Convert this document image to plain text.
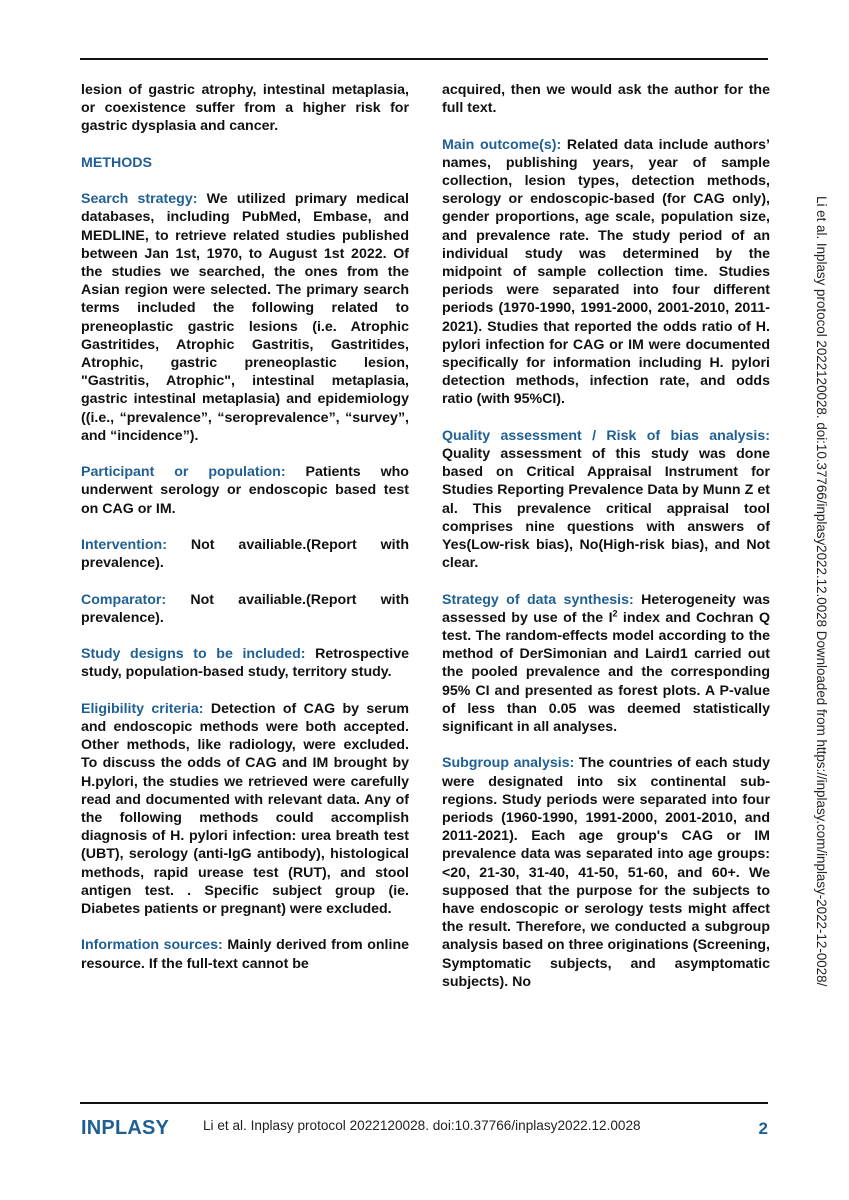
lesion of gastric atrophy, intestinal metaplasia, or coexistence suffer from a higher risk for gastric dysplasia and cancer.

METHODS

Search strategy: We utilized primary medical databases, including PubMed, Embase, and MEDLINE, to retrieve related studies published between Jan 1st, 1970, to August 1st 2022. Of the studies we searched, the ones from the Asian region were selected. The primary search terms included the following related to preneoplastic gastric lesions (i.e. Atrophic Gastritides, Atrophic Gastritis, Gastritides, Atrophic, gastric preneoplastic lesion, "Gastritis, Atrophic", intestinal metaplasia, gastric intestinal metaplasia) and epidemiology ((i.e., “prevalence”, “seroprevalence”, “survey”, and “incidence”).

Participant or population: Patients who underwent serology or endoscopic based test on CAG or IM.

Intervention: Not availiable.(Report with prevalence).

Comparator: Not availiable.(Report with prevalence).

Study designs to be included: Retrospective study, population-based study, territory study.

Eligibility criteria: Detection of CAG by serum and endoscopic methods were both accepted. Other methods, like radiology, were excluded. To discuss the odds of CAG and IM brought by H.pylori, the studies we retrieved were carefully read and documented with relevant data. Any of the following methods could accomplish diagnosis of H. pylori infection: urea breath test (UBT), serology (anti-IgG antibody), histological methods, rapid urease test (RUT), and stool antigen test. . Specific subject group (ie. Diabetes patients or pregnant) were excluded.

Information sources: Mainly derived from online resource. If the full-text cannot be

acquired, then we would ask the author for the full text.

Main outcome(s): Related data include authors’ names, publishing years, year of sample collection, lesion types, detection methods, serology or endoscopic-based (for CAG only), gender proportions, age scale, population size, and prevalence rate. The study period of an individual study was determined by the midpoint of sample collection time. Studies periods were separated into four different periods (1970-1990, 1991-2000, 2001-2010, 2011-2021). Studies that reported the odds ratio of H. pylori infection for CAG or IM were documented specifically for information including H. pylori detection methods, infection rate, and odds ratio (with 95%CI).

Quality assessment / Risk of bias analysis: Quality assessment of this study was done based on Critical Appraisal Instrument for Studies Reporting Prevalence Data by Munn Z et al. This prevalence critical appraisal tool comprises nine questions with answers of Yes(Low-risk bias), No(High-risk bias), and Not clear.

Strategy of data synthesis: Heterogeneity was assessed by use of the $I^2$ index and Cochran Q test. The random-effects model according to the method of DerSimonian and Laird1 carried out the pooled prevalence and the corresponding 95% CI and presented as forest plots. A P-value of less than 0.05 was deemed statistically significant in all analyses.

Subgroup analysis: The countries of each study were designated into six continental sub-regions. Study periods were separated into four periods (1960-1990, 1991-2000, 2001-2010, and 2011-2021). Each age group's CAG or IM prevalence data was separated into age groups: <20, 21-30, 31-40, 41-50, 51-60, and 60+. We supposed that the purpose for the subjects to have endoscopic or serology tests might affect the result. Therefore, we conducted a subgroup analysis based on three originations (Screening, Symptomatic subjects, and asymptomatic subjects). No	Li et al. Inplasy protocol 2022120028. doi:10.37766/inplasy2022.12.0028 Downloaded from https://inplasy.com/inplasy-2022-12-0028/
INPLASY Li et al. Inplasy protocol 2022120028. doi:10.37766/inplasy2022.12.0028	2
